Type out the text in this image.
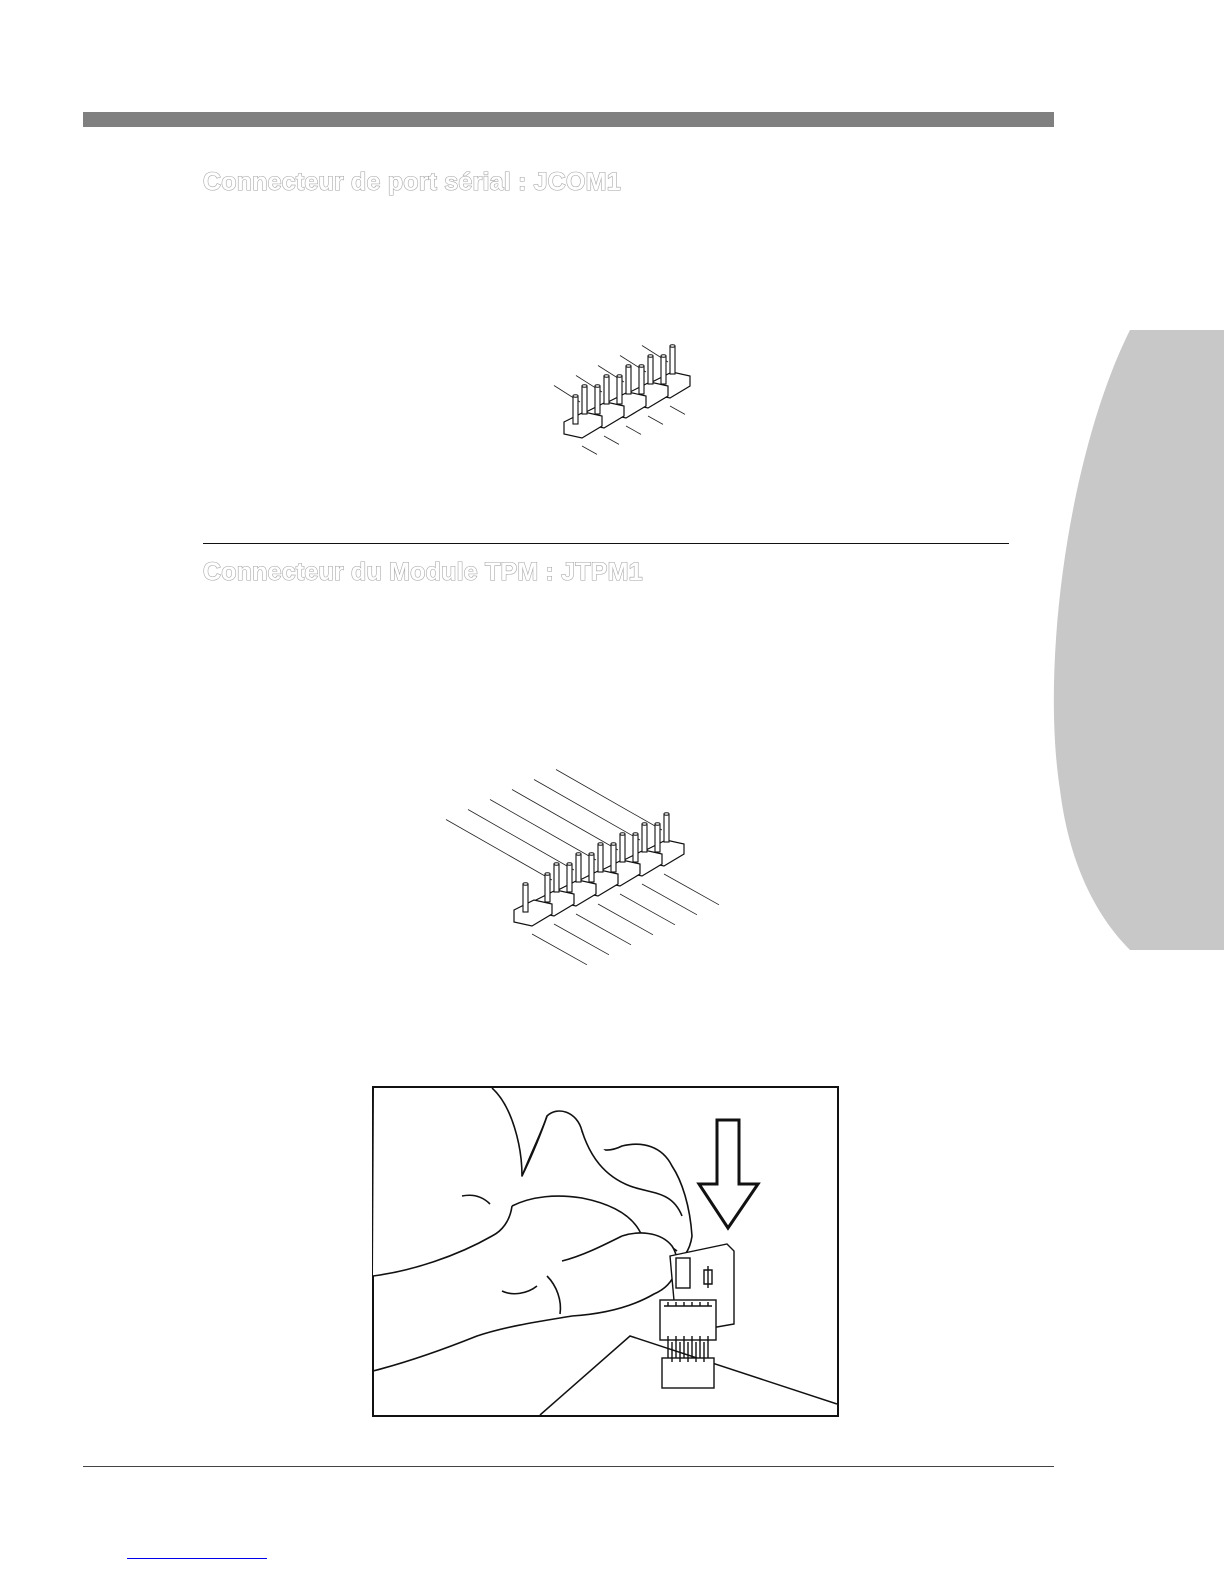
Connecteur de port sérial : JCOM1
Connecteur du Module TPM : JTPM1
